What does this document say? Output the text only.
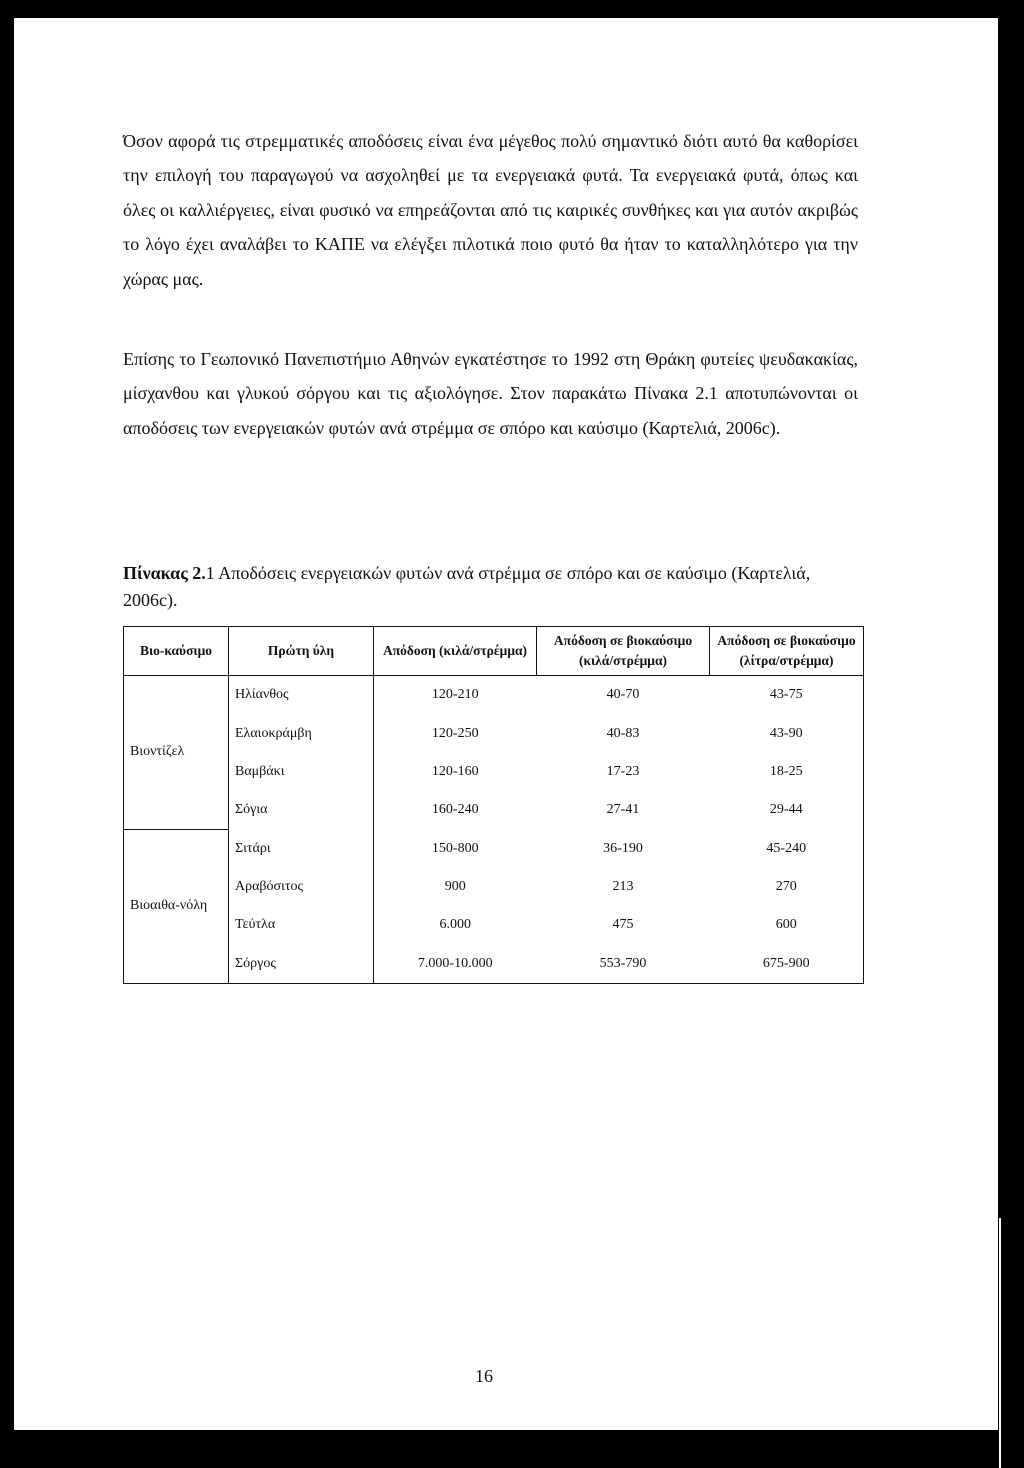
Όσον αφορά τις στρεμματικές αποδόσεις είναι ένα μέγεθος πολύ σημαντικό διότι αυτό θα καθορίσει την επιλογή του παραγωγού να ασχοληθεί με τα ενεργειακά φυτά. Τα ενεργειακά φυτά, όπως και όλες οι καλλιέργειες, είναι φυσικό να επηρεάζονται από τις καιρικές συνθήκες και για αυτόν ακριβώς το λόγο έχει αναλάβει το ΚΑΠΕ να ελέγξει πιλοτικά ποιο φυτό θα ήταν το καταλληλότερο για την χώρας μας.

Επίσης το Γεωπονικό Πανεπιστήμιο Αθηνών εγκατέστησε το 1992 στη Θράκη φυτείες ψευδακακίας, μίσχανθου και γλυκού σόργου και τις αξιολόγησε. Στον παρακάτω Πίνακα 2.1 αποτυπώνονται οι αποδόσεις των ενεργειακών φυτών ανά στρέμμα σε σπόρο και καύσιμο (Καρτελιά, 2006c).

Πίνακας 2.1 Αποδόσεις ενεργειακών φυτών ανά στρέμμα σε σπόρο και σε καύσιμο (Καρτελιά, 2006c).

Βιο-καύσιμο	Πρώτη ύλη	Απόδοση (κιλά/στρέμμα)	Απόδοση σε βιοκαύσιμο (κιλά/στρέμμα)	Απόδοση σε βιοκαύσιμο (λίτρα/στρέμμα)
Βιοντίζελ	Ηλίανθος	120-210	40-70	43-75
	Ελαιοκράμβη	120-250	40-83	43-90
	Βαμβάκι	120-160	17-23	18-25
	Σόγια	160-240	27-41	29-44
Βιοαιθα-νόλη	Σιτάρι	150-800	36-190	45-240
	Αραβόσιτος	900	213	270
	Τεύτλα	6.000	475	600
	Σόργος	7.000-10.000	553-790	675-900
16
